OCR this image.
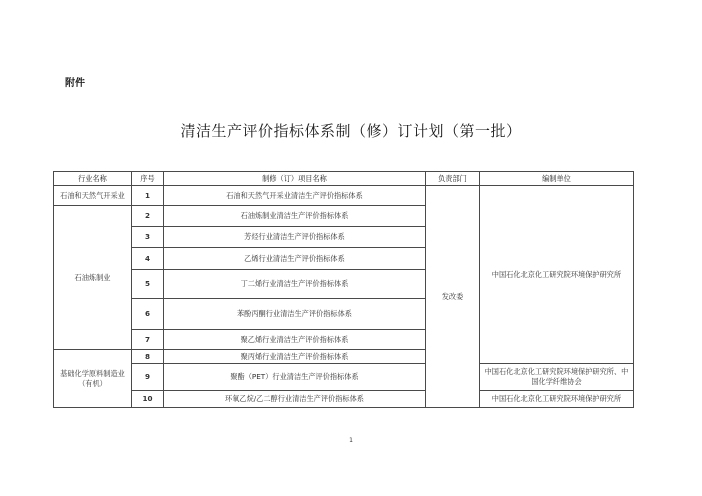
附件
清洁生产评价指标体系制（修）订计划（第一批）
行业名称	序号	制修（订）项目名称	负责部门	编制单位
石油和天然气开采业	1	石油和天然气开采业清洁生产评价指标体系	发改委	中国石化北京化工研究院环境保护研究所
石油炼制业	2	石油炼制业清洁生产评价指标体系		
	3	芳烃行业清洁生产评价指标体系		
	4	乙烯行业清洁生产评价指标体系		
	5	丁二烯行业清洁生产评价指标体系		
	6	苯酚丙酮行业清洁生产评价指标体系		
	7	聚乙烯行业清洁生产评价指标体系		
基础化学原料制造业（有机）	8	聚丙烯行业清洁生产评价指标体系		
	9	聚酯（PET）行业清洁生产评价指标体系		中国石化北京化工研究院环境保护研究所、中国化学纤维协会
	10	环氧乙烷/乙二醇行业清洁生产评价指标体系		中国石化北京化工研究院环境保护研究所
1
